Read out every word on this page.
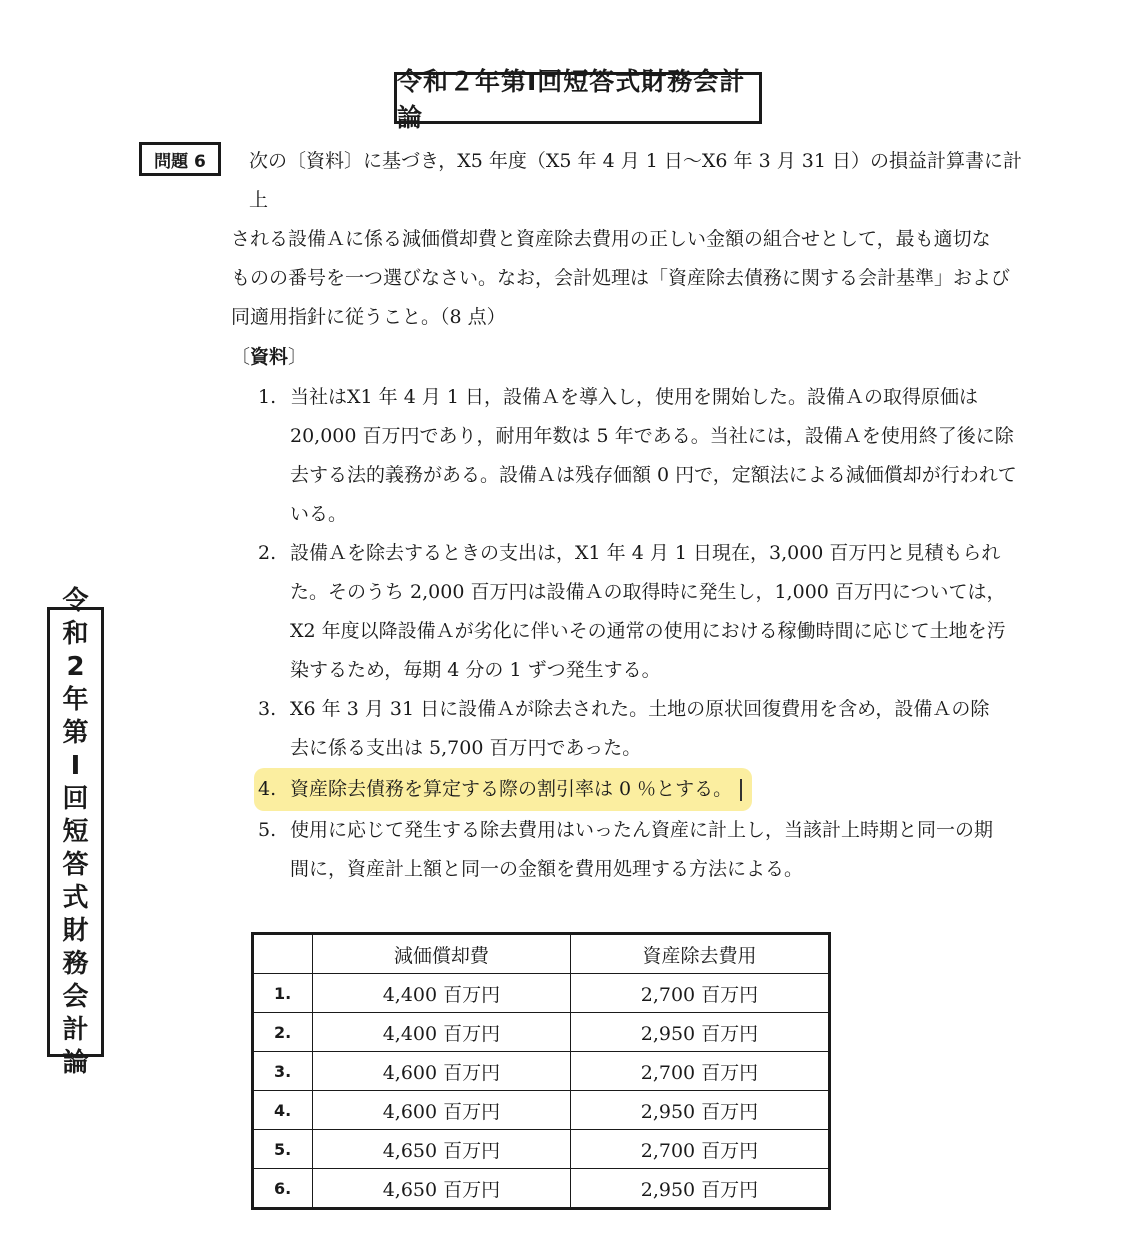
令和２年第Ⅰ回短答式財務会計論
問題 6	次の〔資料〕に基づき，X5 年度（X5 年 4 月 1 日～X6 年 3 月 31 日）の損益計算書に計上
される設備Ａに係る減価償却費と資産除去費用の正しい金額の組合せとして，最も適切な
ものの番号を一つ選びなさい。なお，会計処理は「資産除去債務に関する会計基準」および
同適用指針に従うこと。（8 点）
〔資料〕
1. 当社はX1 年 4 月 1 日，設備Ａを導入し，使用を開始した。設備Ａの取得原価は
20,000 百万円であり，耐用年数は 5 年である。当社には，設備Ａを使用終了後に除
去する法的義務がある。設備Ａは残存価額 0 円で，定額法による減価償却が行われて
いる。
2. 設備Ａを除去するときの支出は，X1 年 4 月 1 日現在，3,000 百万円と見積もられ
た。そのうち 2,000 百万円は設備Ａの取得時に発生し，1,000 百万円については，
X2 年度以降設備Ａが劣化に伴いその通常の使用における稼働時間に応じて土地を汚
染するため，毎期 4 分の 1 ずつ発生する。
3. X6 年 3 月 31 日に設備Ａが除去された。土地の原状回復費用を含め，設備Ａの除
去に係る支出は 5,700 百万円であった。
4. 資産除去債務を算定する際の割引率は 0 ％とする。
5. 使用に応じて発生する除去費用はいったん資産に計上し，当該計上時期と同一の期
間に，資産計上額と同一の金額を費用処理する方法による。
令
和
2
年
第
Ⅰ
回
短
答
式
財
務
会
計
論
	減価償却費	資産除去費用
1.	4,400 百万円	2,700 百万円
2.	4,400 百万円	2,950 百万円
3.	4,600 百万円	2,700 百万円
4.	4,600 百万円	2,950 百万円
5.	4,650 百万円	2,700 百万円
6.	4,650 百万円	2,950 百万円
